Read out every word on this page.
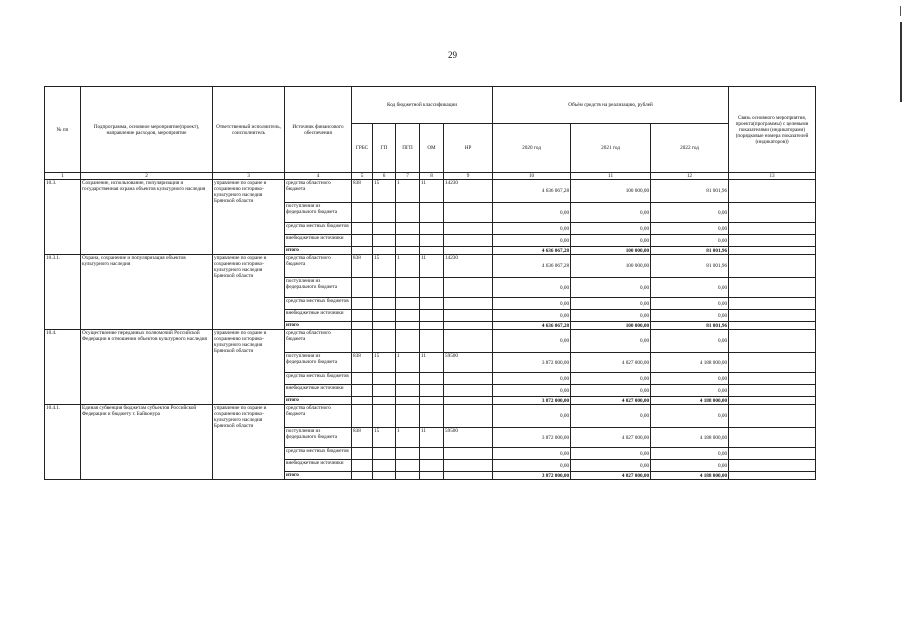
29
№ пп	Подпрограмма, основное мероприятие(проект), направление расходов, мероприятие	Ответственный исполнитель, соисполнитель	Источник финансового обеспечения	Код бюджетной классификации					Объём средств на реализацию, рублей			Связь основного мероприятия, проекта(программы) с целевыми показателями (индикаторами) (порядковые номера показателей (индикаторов))
				ГРБС	ГП	ПГП	ОМ	НР	2020 год	2021 год	2022 год	
1	2	3	4	5	6	7	8	9	10	11	12	13
10.3.	Сохранение, использование, популяризация и государственная охрана объектов культурного наследия	управление по охране и сохранению историко-культурного наследия Брянской области	средства областного бюджета	838	15	1	11	14230	4 636 067,28	100 000,00	81 001,96	
			поступления из федерального бюджета						0,00	0,00	0,00	
			средства местных бюджетов						0,00	0,00	0,00	
			внебюджетные источники						0,00	0,00	0,00	
			итого						4 636 067,28	100 000,00	81 001,96	
10.3.1.	Охрана, сохранение и популяризация объектов культурного наследия	управление по охране и сохранению историко-культурного наследия Брянской области	средства областного бюджета	838	15	1	11	14230	4 636 067,28	100 000,00	81 001,96	
			поступления из федерального бюджета						0,00	0,00	0,00	
			средства местных бюджетов						0,00	0,00	0,00	
			внебюджетные источники						0,00	0,00	0,00	
			итого						4 636 067,28	100 000,00	81 001,96	
10.4.	Осуществление переданных полномочий Российской Федерации в отношении объектов культурного наследия	управление по охране и сохранению историко-культурного наследия Брянской области	средства областного бюджета						0,00	0,00	0,00	
			поступления из федерального бюджета	838	15	1	11	59500	3 872 000,00	4 027 000,00	4 188 000,00	
			средства местных бюджетов						0,00	0,00	0,00	
			внебюджетные источники						0,00	0,00	0,00	
			итого						3 872 000,00	4 027 000,00	4 188 000,00	
10.4.1.	Единая субвенция бюджетам субъектов Российской Федерации и бюджету г. Байконура	управление по охране и сохранению историко-культурного наследия Брянской области	средства областного бюджета						0,00	0,00	0,00	
			поступления из федерального бюджета	838	15	1	11	59500	3 872 000,00	4 027 000,00	4 188 000,00	
			средства местных бюджетов						0,00	0,00	0,00	
			внебюджетные источники						0,00	0,00	0,00	
			итого						3 872 000,00	4 027 000,00	4 188 000,00	
